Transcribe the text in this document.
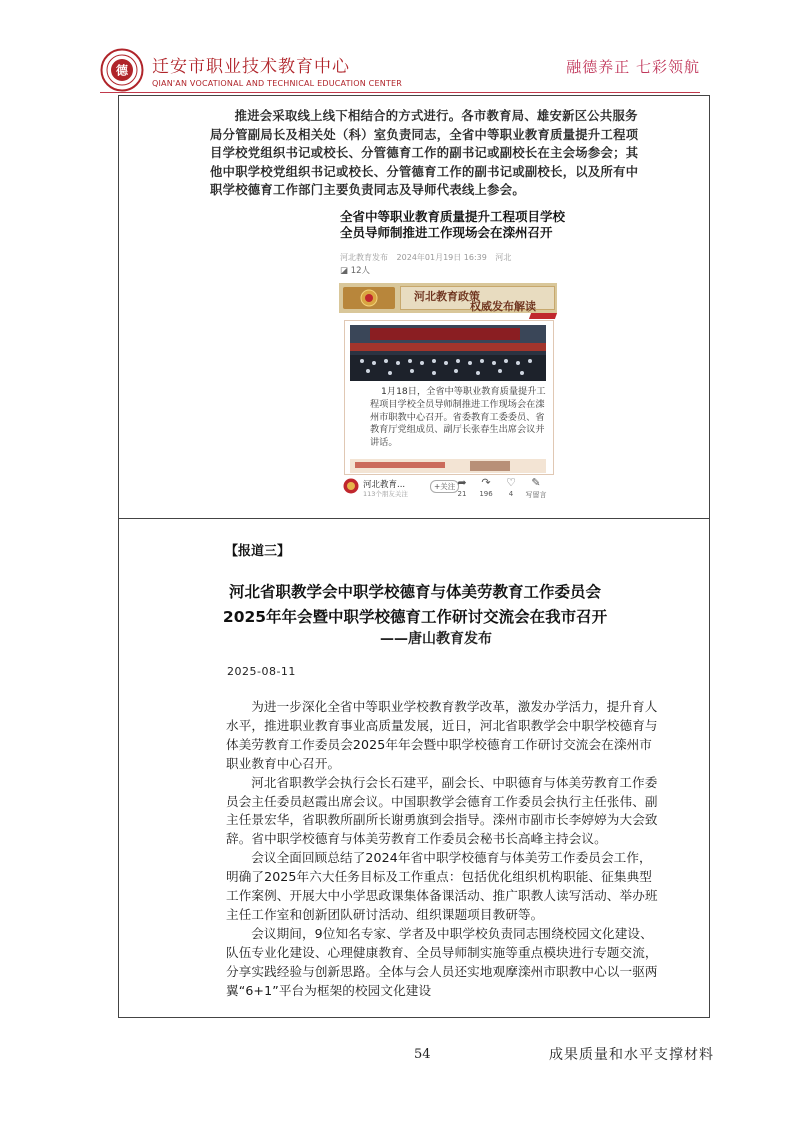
德 迁安市职业技术教育中心
QIAN'AN VOCATIONAL AND TECHNICAL EDUCATION CENTER
融德养正 七彩领航

推进会采取线上线下相结合的方式进行。各市教育局、雄安新区公共服务局分管副局长及相关处（科）室负责同志，全省中等职业教育质量提升工程项目学校党组织书记或校长、分管德育工作的副书记或副校长在主会场参会；其他中职学校党组织书记或校长、分管德育工作的副书记或副校长，以及所有中职学校德育工作部门主要负责同志及导师代表线上参会。

全省中等职业教育质量提升工程项目学校全员导师制推进工作现场会在滦州召开
河北教育发布 2024年01月19日 16:39 河北
◪ 12人
河北教育政策
权威发布解读

1月18日，全省中等职业教育质量提升工程项目学校全员导师制推进工作现场会在滦州市职教中心召开。省委教育工委委员、省教育厅党组成员、副厅长张春生出席会议并讲话。

河北教育...
113个朋友关注
+关注 ➦
21
↷
196
♡
4
✎
写留言
【报道三】
河北省职教学会中职学校德育与体美劳教育工作委员会
2025年年会暨中职学校德育工作研讨交流会在我市召开
——唐山教育发布
2025-08-11

为进一步深化全省中等职业学校教育教学改革，激发办学活力，提升育人水平，推进职业教育事业高质量发展，近日，河北省职教学会中职学校德育与体美劳教育工作委员会2025年年会暨中职学校德育工作研讨交流会在滦州市职业教育中心召开。

河北省职教学会执行会长石建平，副会长、中职德育与体美劳教育工作委员会主任委员赵霞出席会议。中国职教学会德育工作委员会执行主任张伟、副主任景宏华，省职教所副所长谢勇旗到会指导。滦州市副市长李婷婷为大会致辞。省中职学校德育与体美劳教育工作委员会秘书长高峰主持会议。

会议全面回顾总结了2024年省中职学校德育与体美劳工作委员会工作，明确了2025年六大任务目标及工作重点：包括优化组织机构职能、征集典型工作案例、开展大中小学思政课集体备课活动、推广职教人读写活动、举办班主任工作室和创新团队研讨活动、组织课题项目教研等。

会议期间，9位知名专家、学者及中职学校负责同志围绕校园文化建设、队伍专业化建设、心理健康教育、全员导师制实施等重点模块进行专题交流，分享实践经验与创新思路。全体与会人员还实地观摩滦州市职教中心以一驱两翼“6+1”平台为框架的校园文化建设

54	成果质量和水平支撑材料
